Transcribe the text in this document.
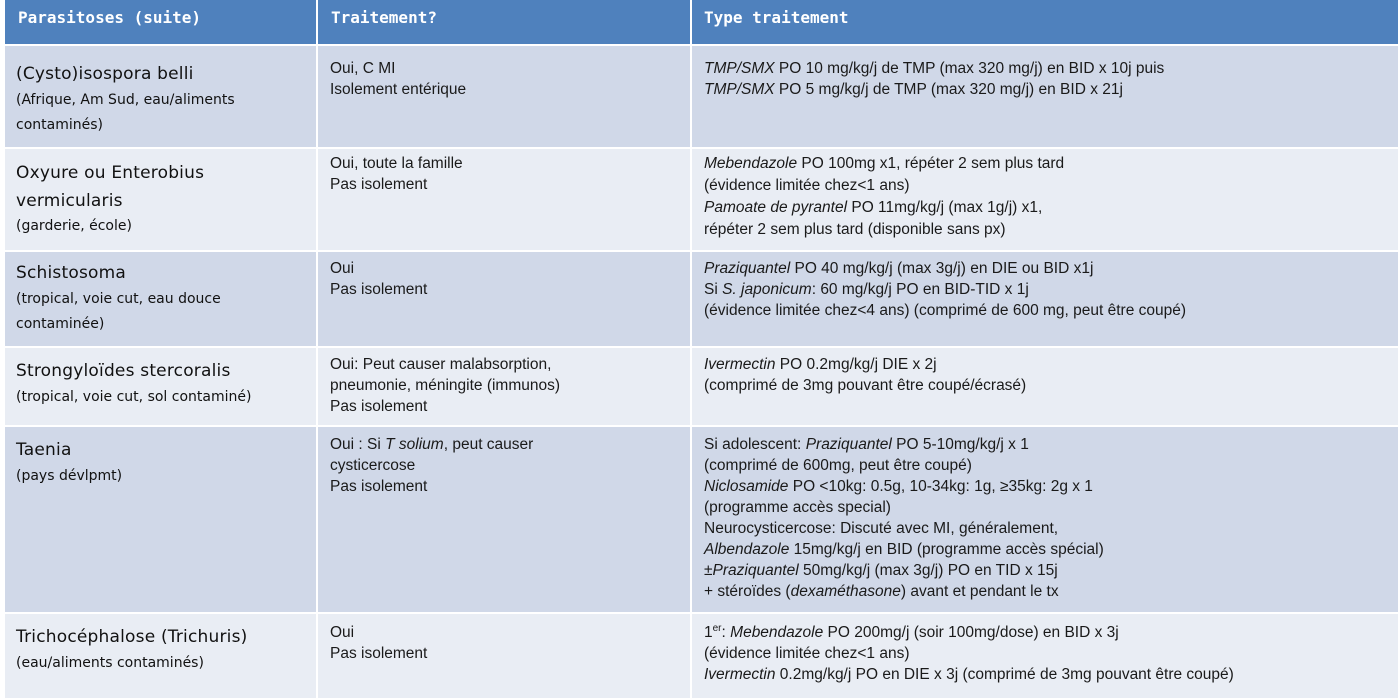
Parasitoses (suite)	Traitement?	Type traitement
(Cysto)isospora belli
(Afrique, Am Sud, eau/aliments
contaminés)
Oui, C MI
Isolement entérique
TMP/SMX PO 10 mg/kg/j de TMP (max 320 mg/j) en BID x 10j puis
TMP/SMX PO 5 mg/kg/j de TMP (max 320 mg/j) en BID x 21j
Oxyure ou Enterobius
vermicularis
(garderie, école)
Oui, toute la famille
Pas isolement
Mebendazole PO 100mg x1, répéter 2 sem plus tard
(évidence limitée chez<1 ans)
Pamoate de pyrantel PO 11mg/kg/j (max 1g/j) x1,
répéter 2 sem plus tard (disponible sans px)
Schistosoma
(tropical, voie cut, eau douce
contaminée)
Oui
Pas isolement
Praziquantel PO 40 mg/kg/j (max 3g/j) en DIE ou BID x1j
Si S. japonicum: 60 mg/kg/j PO en BID-TID x 1j
(évidence limitée chez<4 ans) (comprimé de 600 mg, peut être coupé)
Strongyloïdes stercoralis
(tropical, voie cut, sol contaminé)
Oui: Peut causer malabsorption,
pneumonie, méningite (immunos)
Pas isolement
Ivermectin PO 0.2mg/kg/j DIE x 2j
(comprimé de 3mg pouvant être coupé/écrasé)
Taenia
(pays dévlpmt)
Oui : Si T solium, peut causer
cysticercose
Pas isolement
Si adolescent: Praziquantel PO 5-10mg/kg/j x 1
(comprimé de 600mg, peut être coupé)
Niclosamide PO <10kg: 0.5g, 10-34kg: 1g, ≥35kg: 2g x 1
(programme accès special)
Neurocysticercose: Discuté avec MI, généralement,
Albendazole 15mg/kg/j en BID (programme accès spécial)
±Praziquantel 50mg/kg/j (max 3g/j) PO en TID x 15j
+ stéroïdes (dexaméthasone) avant et pendant le tx
Trichocéphalose (Trichuris)
(eau/aliments contaminés)
Oui
Pas isolement
1er: Mebendazole PO 200mg/j (soir 100mg/dose) en BID x 3j
(évidence limitée chez<1 ans)
Ivermectin 0.2mg/kg/j PO en DIE x 3j (comprimé de 3mg pouvant être coupé)
